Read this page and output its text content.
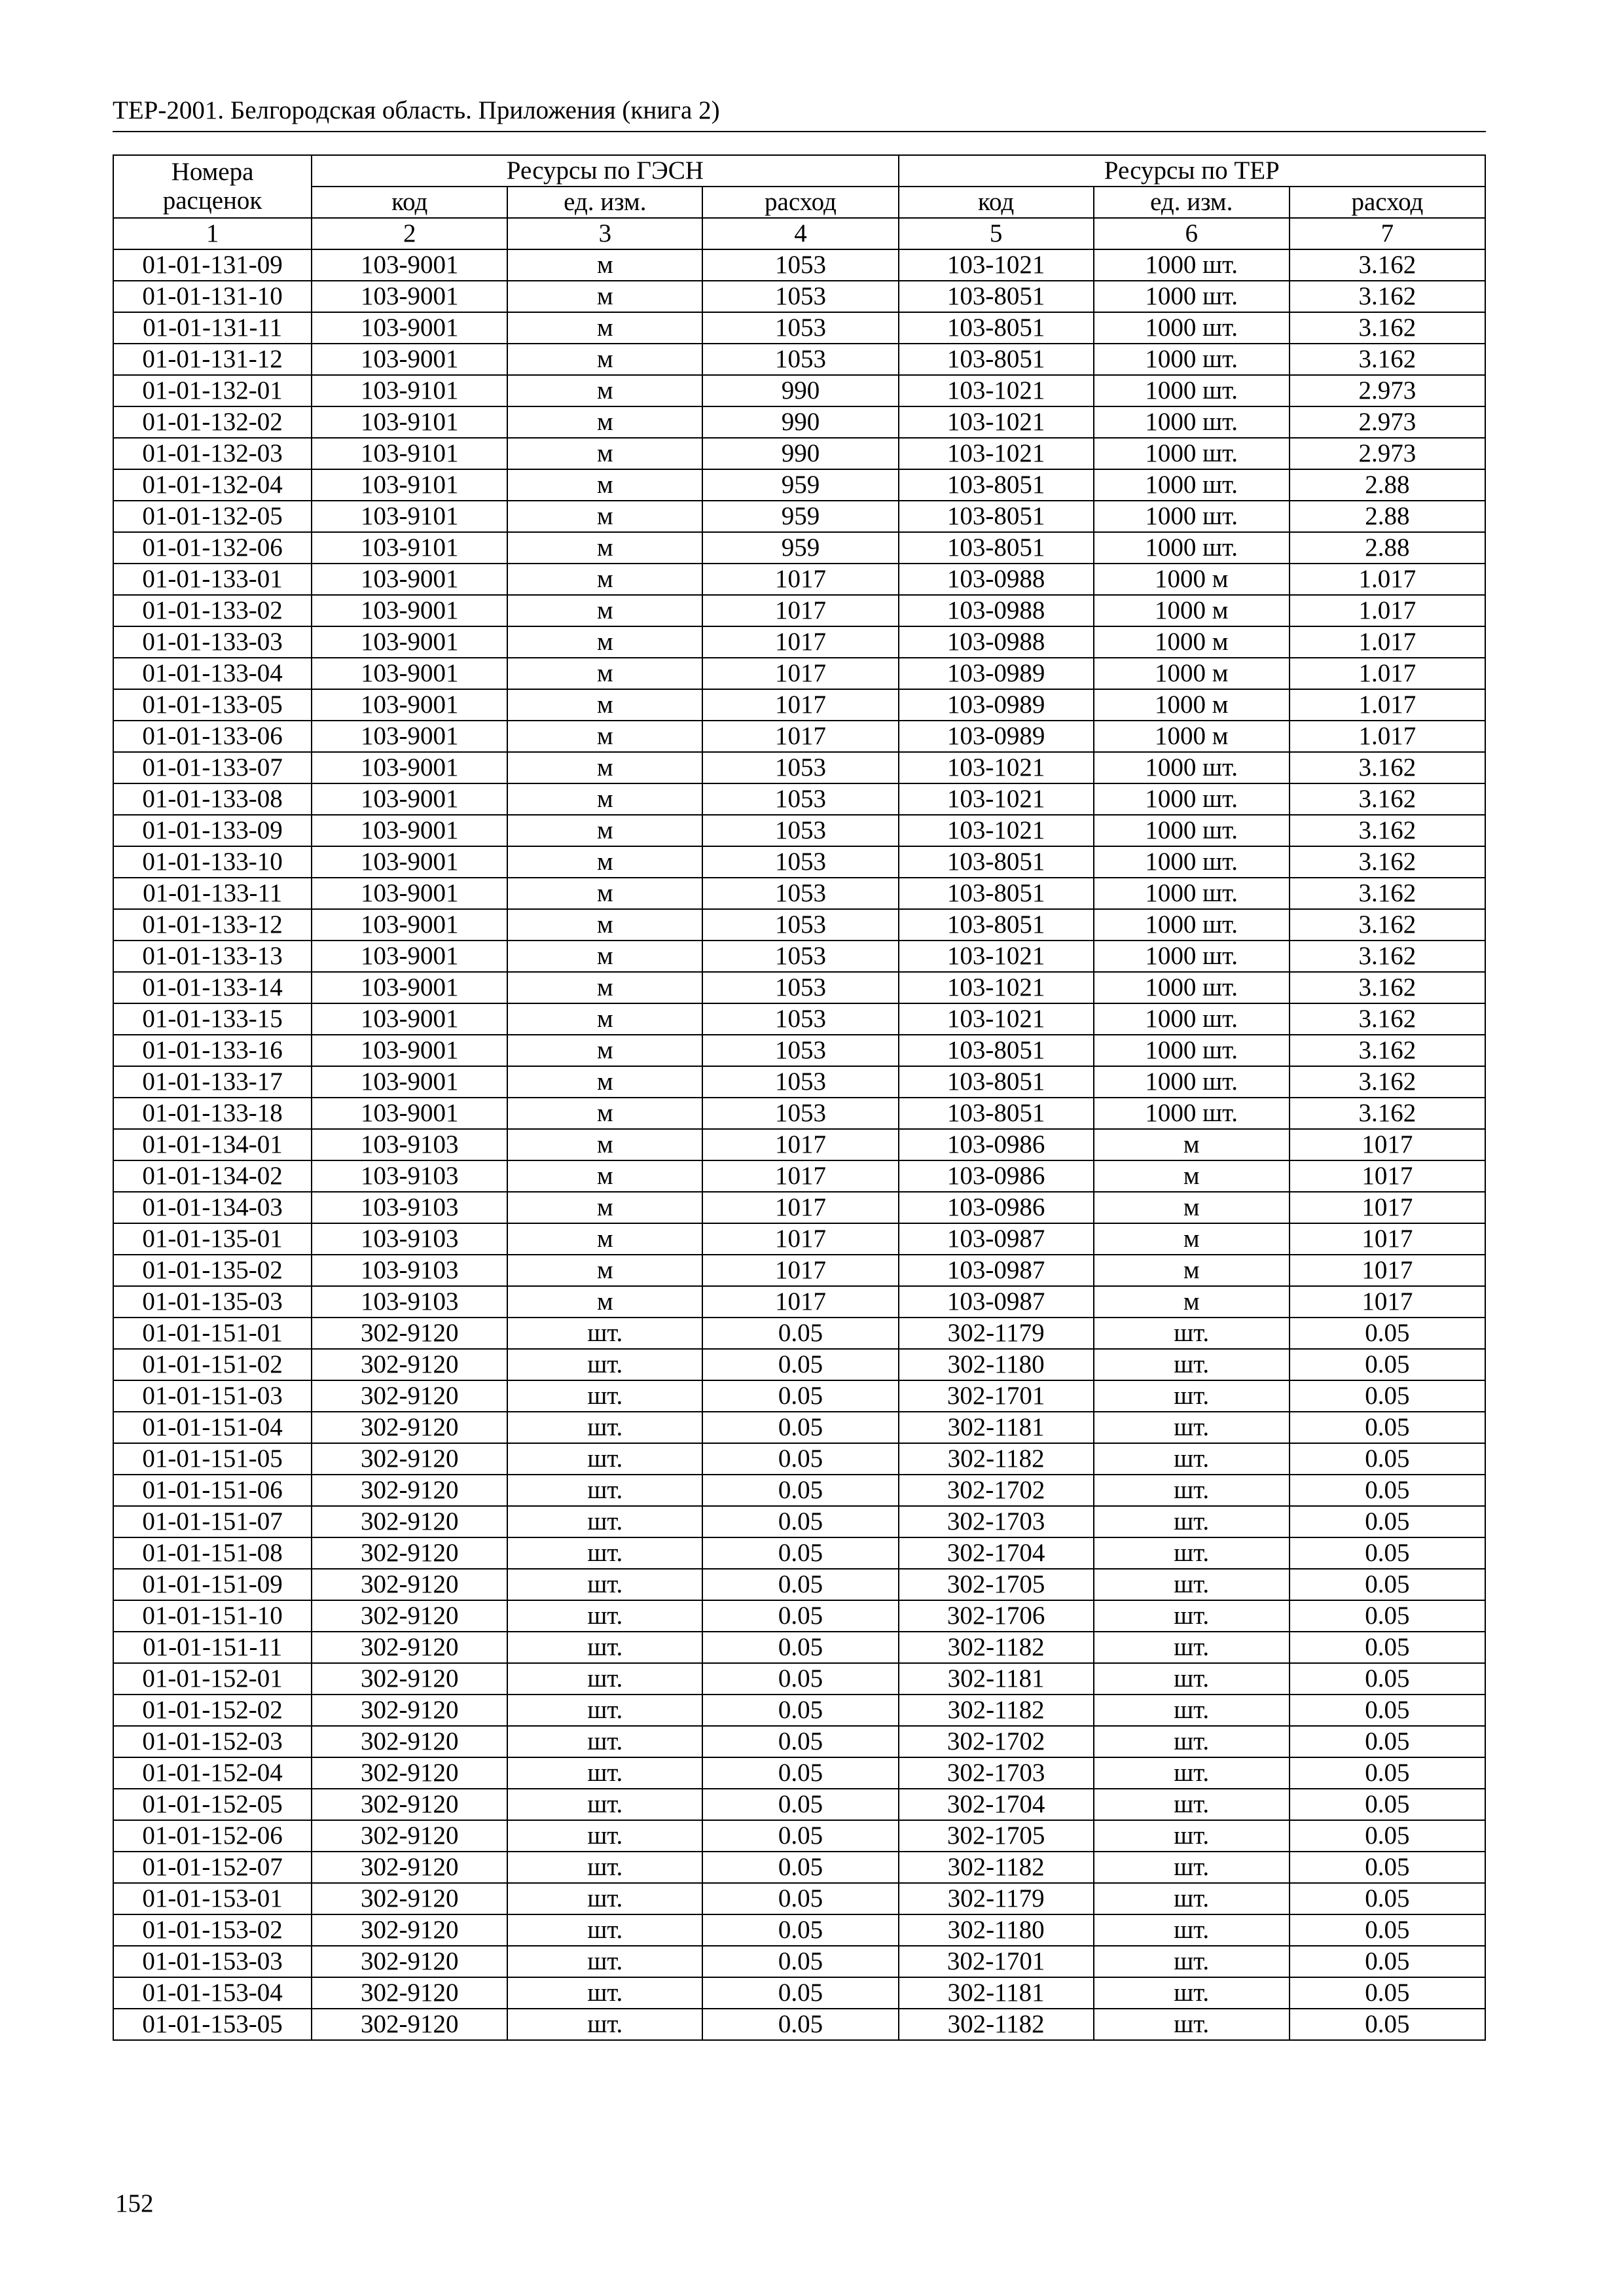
ТЕР-2001. Белгородская область. Приложения (книга 2)
Номера
расценок	Ресурсы по ГЭСН			Ресурсы по ТЕР		
	код	ед. изм.	расход	код	ед. изм.	расход
1	2	3	4	5	6	7
01-01-131-09	103-9001	м	1053	103-1021	1000 шт.	3.162
01-01-131-10	103-9001	м	1053	103-8051	1000 шт.	3.162
01-01-131-11	103-9001	м	1053	103-8051	1000 шт.	3.162
01-01-131-12	103-9001	м	1053	103-8051	1000 шт.	3.162
01-01-132-01	103-9101	м	990	103-1021	1000 шт.	2.973
01-01-132-02	103-9101	м	990	103-1021	1000 шт.	2.973
01-01-132-03	103-9101	м	990	103-1021	1000 шт.	2.973
01-01-132-04	103-9101	м	959	103-8051	1000 шт.	2.88
01-01-132-05	103-9101	м	959	103-8051	1000 шт.	2.88
01-01-132-06	103-9101	м	959	103-8051	1000 шт.	2.88
01-01-133-01	103-9001	м	1017	103-0988	1000 м	1.017
01-01-133-02	103-9001	м	1017	103-0988	1000 м	1.017
01-01-133-03	103-9001	м	1017	103-0988	1000 м	1.017
01-01-133-04	103-9001	м	1017	103-0989	1000 м	1.017
01-01-133-05	103-9001	м	1017	103-0989	1000 м	1.017
01-01-133-06	103-9001	м	1017	103-0989	1000 м	1.017
01-01-133-07	103-9001	м	1053	103-1021	1000 шт.	3.162
01-01-133-08	103-9001	м	1053	103-1021	1000 шт.	3.162
01-01-133-09	103-9001	м	1053	103-1021	1000 шт.	3.162
01-01-133-10	103-9001	м	1053	103-8051	1000 шт.	3.162
01-01-133-11	103-9001	м	1053	103-8051	1000 шт.	3.162
01-01-133-12	103-9001	м	1053	103-8051	1000 шт.	3.162
01-01-133-13	103-9001	м	1053	103-1021	1000 шт.	3.162
01-01-133-14	103-9001	м	1053	103-1021	1000 шт.	3.162
01-01-133-15	103-9001	м	1053	103-1021	1000 шт.	3.162
01-01-133-16	103-9001	м	1053	103-8051	1000 шт.	3.162
01-01-133-17	103-9001	м	1053	103-8051	1000 шт.	3.162
01-01-133-18	103-9001	м	1053	103-8051	1000 шт.	3.162
01-01-134-01	103-9103	м	1017	103-0986	м	1017
01-01-134-02	103-9103	м	1017	103-0986	м	1017
01-01-134-03	103-9103	м	1017	103-0986	м	1017
01-01-135-01	103-9103	м	1017	103-0987	м	1017
01-01-135-02	103-9103	м	1017	103-0987	м	1017
01-01-135-03	103-9103	м	1017	103-0987	м	1017
01-01-151-01	302-9120	шт.	0.05	302-1179	шт.	0.05
01-01-151-02	302-9120	шт.	0.05	302-1180	шт.	0.05
01-01-151-03	302-9120	шт.	0.05	302-1701	шт.	0.05
01-01-151-04	302-9120	шт.	0.05	302-1181	шт.	0.05
01-01-151-05	302-9120	шт.	0.05	302-1182	шт.	0.05
01-01-151-06	302-9120	шт.	0.05	302-1702	шт.	0.05
01-01-151-07	302-9120	шт.	0.05	302-1703	шт.	0.05
01-01-151-08	302-9120	шт.	0.05	302-1704	шт.	0.05
01-01-151-09	302-9120	шт.	0.05	302-1705	шт.	0.05
01-01-151-10	302-9120	шт.	0.05	302-1706	шт.	0.05
01-01-151-11	302-9120	шт.	0.05	302-1182	шт.	0.05
01-01-152-01	302-9120	шт.	0.05	302-1181	шт.	0.05
01-01-152-02	302-9120	шт.	0.05	302-1182	шт.	0.05
01-01-152-03	302-9120	шт.	0.05	302-1702	шт.	0.05
01-01-152-04	302-9120	шт.	0.05	302-1703	шт.	0.05
01-01-152-05	302-9120	шт.	0.05	302-1704	шт.	0.05
01-01-152-06	302-9120	шт.	0.05	302-1705	шт.	0.05
01-01-152-07	302-9120	шт.	0.05	302-1182	шт.	0.05
01-01-153-01	302-9120	шт.	0.05	302-1179	шт.	0.05
01-01-153-02	302-9120	шт.	0.05	302-1180	шт.	0.05
01-01-153-03	302-9120	шт.	0.05	302-1701	шт.	0.05
01-01-153-04	302-9120	шт.	0.05	302-1181	шт.	0.05
01-01-153-05	302-9120	шт.	0.05	302-1182	шт.	0.05
152
